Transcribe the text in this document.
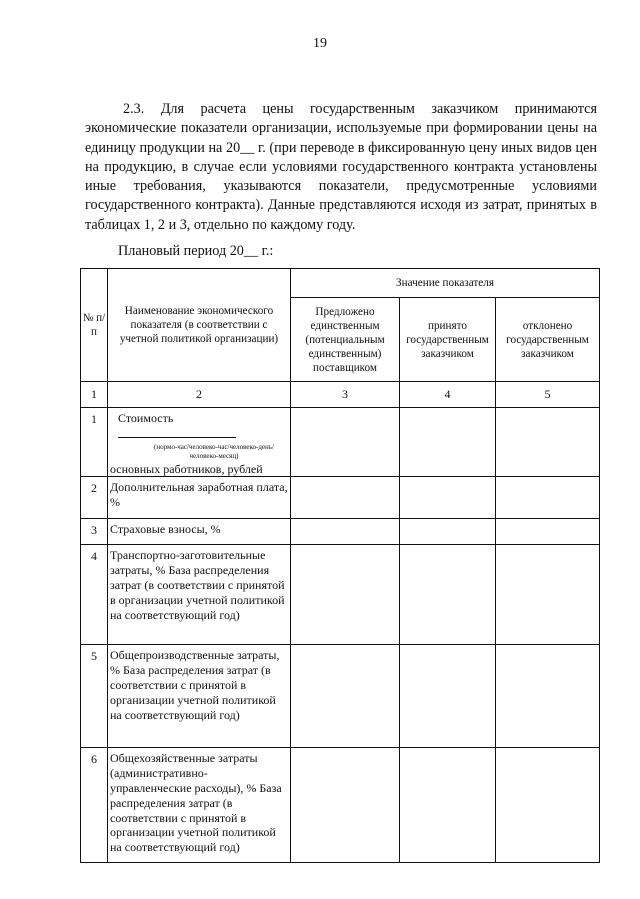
19

2.3. Для расчета цены государственным заказчиком принимаются экономические показатели организации, используемые при формировании цены на единицу продукции на 20__ г. (при переводе в фиксированную цену иных видов цен на продукцию, в случае если условиями государственного контракта установлены иные требования, указываются показатели, предусмотренные условиями государственного контракта). Данные представляются исходя из затрат, принятых в таблицах 1, 2 и 3, отдельно по каждому году.

Плановый период 20__ г.:
№ п/п	Наименование экономического показателя (в соответствии с учетной политикой организации)	Значение показателя		
		Предложено единственным (потенциальным единственным) поставщиком	принято государственным заказчиком	отклонено государственным заказчиком
1	2	3	4	5
1	Стоимость
(нормо-час/человеко-час/человеко-день/человеко-месяц)
основных работников, рублей			

2	Дополнительная заработная плата, %			
3	Страховые взносы, %			
4	Транспортно-заготовительные затраты, % База распределения затрат (в соответствии с принятой в организации учетной политикой на соответствующий год)			
5	Общепроизводственные затраты, % База распределения затрат (в соответствии с принятой в организации учетной политикой на соответствующий год)			
6	Общехозяйственные затраты (административно-управленческие расходы), % База распределения затрат (в соответствии с принятой в организации учетной политикой на соответствующий год)			
